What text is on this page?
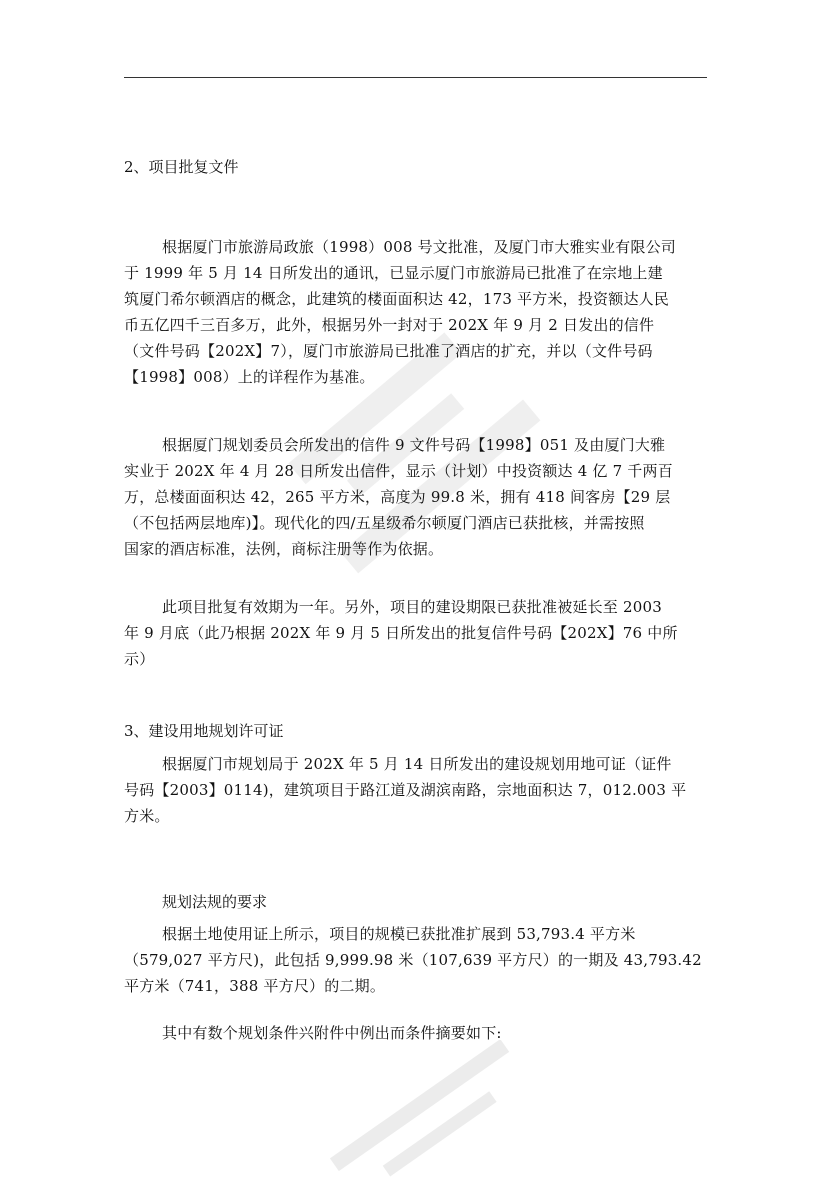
2、项目批复文件
根据厦门市旅游局政旅（1998）008 号文批准，及厦门市大雅实业有限公司
于 1999 年 5 月 14 日所发出的通讯，已显示厦门市旅游局已批准了在宗地上建
筑厦门希尔顿酒店的概念，此建筑的楼面面积达 42，173 平方米，投资额达人民
币五亿四千三百多万，此外，根据另外一封对于 202X 年 9 月 2 日发出的信件
（文件号码【202X】7），厦门市旅游局已批准了酒店的扩充，并以（文件号码
【1998】008）上的详程作为基准。
根据厦门规划委员会所发出的信件 9 文件号码【1998】051 及由厦门大雅
实业于 202X 年 4 月 28 日所发出信件，显示（计划）中投资额达 4 亿 7 千两百
万，总楼面面积达 42，265 平方米，高度为 99.8 米，拥有 418 间客房【29 层
（不包括两层地库)】。现代化的四/五星级希尔顿厦门酒店已获批核，并需按照
国家的酒店标准，法例，商标注册等作为依据。
此项目批复有效期为一年。另外，项目的建设期限已获批准被延长至 2003
年 9 月底（此乃根据 202X 年 9 月 5 日所发出的批复信件号码【202X】76 中所
示）
3、建设用地规划许可证
根据厦门市规划局于 202X 年 5 月 14 日所发出的建设规划用地可证（证件
号码【2003】0114)，建筑项目于路江道及湖滨南路，宗地面积达 7，012.003 平
方米。
规划法规的要求
根据土地使用证上所示，项目的规模已获批准扩展到 53,793.4 平方米
（579,027 平方尺)，此包括 9,999.98 米（107,639 平方尺）的一期及 43,793.42
平方米（741，388 平方尺）的二期。
其中有数个规划条件兴附件中例出而条件摘要如下:
